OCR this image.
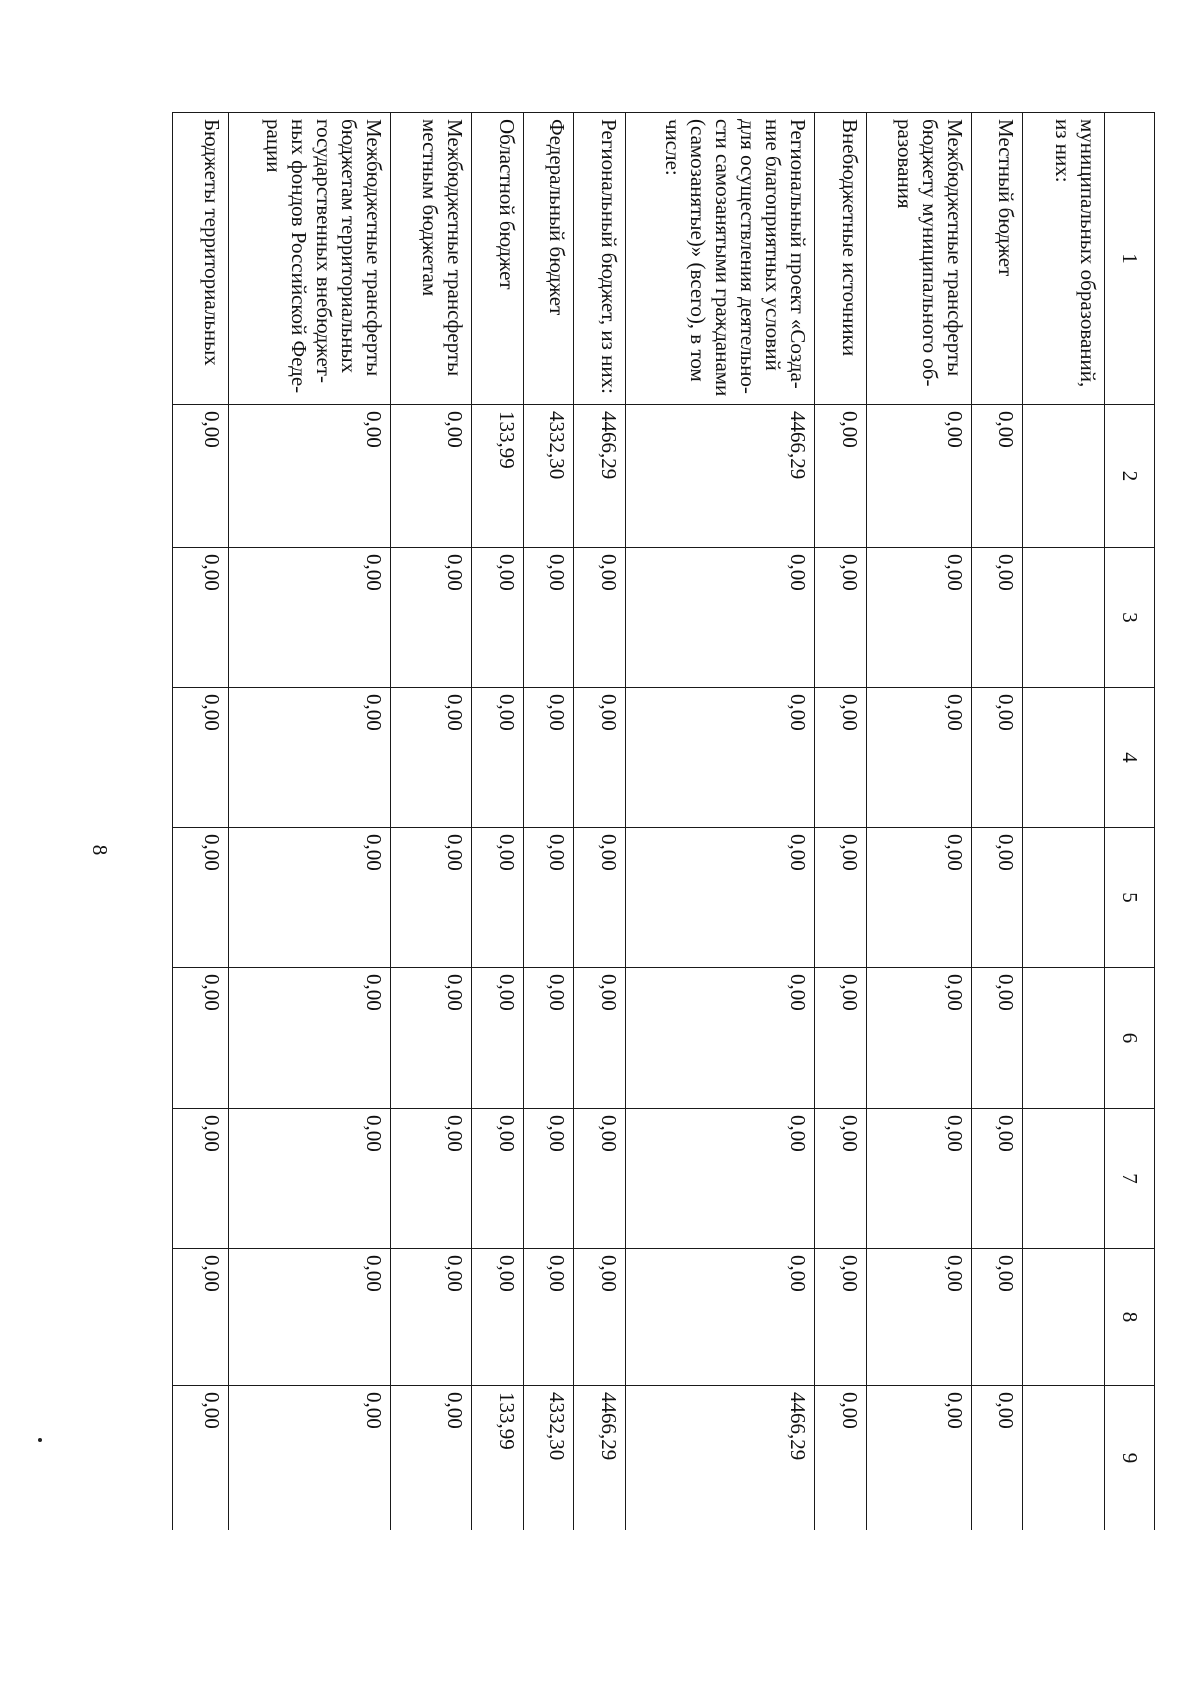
8
1	2	3	4	5	6	7	8	9
муниципальных образований, из них:								
Местный бюджет	0,00	0,00	0,00	0,00	0,00	0,00	0,00	0,00
Межбюджетные трансферты бюджету муниципального об-разования	0,00	0,00	0,00	0,00	0,00	0,00	0,00	0,00
Внебюджетные источники	0,00	0,00	0,00	0,00	0,00	0,00	0,00	0,00
Региональный проект «Созда-ние благоприятных условий для осуществления деятельно-сти самозанятыми гражданами (самозанятые)» (всего), в том числе:	4466,29	0,00	0,00	0,00	0,00	0,00	0,00	4466,29
Региональный бюджет, из них:	4466,29	0,00	0,00	0,00	0,00	0,00	0,00	4466,29
Федеральный бюджет	4332,30	0,00	0,00	0,00	0,00	0,00	0,00	4332,30
Областной бюджет	133,99	0,00	0,00	0,00	0,00	0,00	0,00	133,99
Межбюджетные трансферты местным бюджетам	0,00	0,00	0,00	0,00	0,00	0,00	0,00	0,00
Межбюджетные трансферты бюджетам территориальных государственных внебюджет-ных фондов Российской Феде-рации	0,00	0,00	0,00	0,00	0,00	0,00	0,00	0,00
Бюджеты территориальных	0,00	0,00	0,00	0,00	0,00	0,00	0,00	0,00
